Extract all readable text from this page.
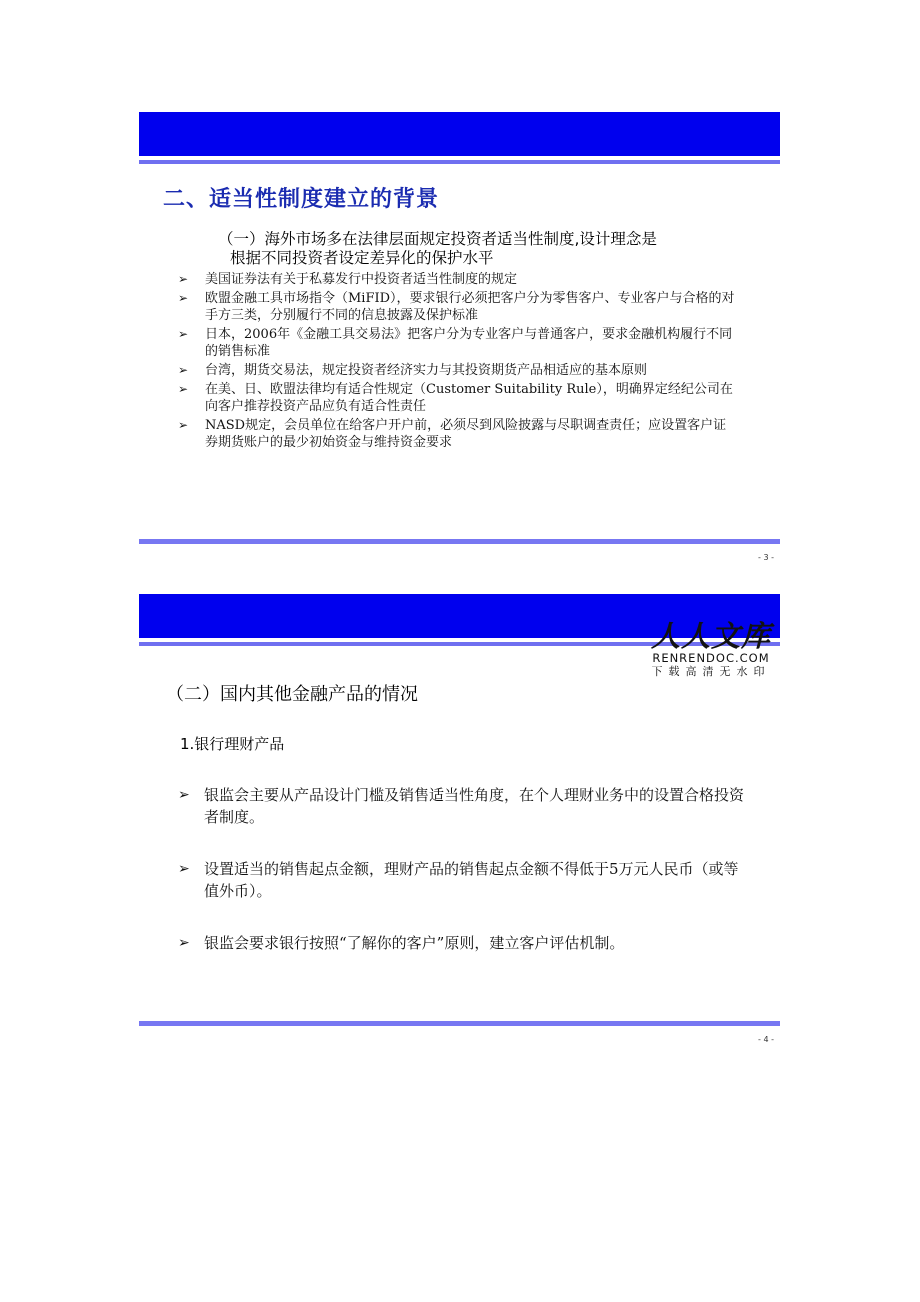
二、适当性制度建立的背景
（一）海外市场多在法律层面规定投资者适当性制度,设计理念是
根据不同投资者设定差异化的保护水平
➢ 美国证券法有关于私募发行中投资者适当性制度的规定
➢ 欧盟金融工具市场指令（MiFID），要求银行必须把客户分为零售客户、专业客户与合格的对手方三类，分别履行不同的信息披露及保护标准
➢ 日本，2006年《金融工具交易法》把客户分为专业客户与普通客户，要求金融机构履行不同的销售标准
➢ 台湾，期货交易法，规定投资者经济实力与其投资期货产品相适应的基本原则
➢ 在美、日、欧盟法律均有适合性规定（Customer Suitability Rule），明确界定经纪公司在向客户推荐投资产品应负有适合性责任
➢ NASD规定，会员单位在给客户开户前，必须尽到风险披露与尽职调查责任；应设置客户证券期货账户的最少初始资金与维持资金要求
- 3 -
人人文库
RENRENDOC.COM
下载高清无水印
（二）国内其他金融产品的情况
1.银行理财产品
➢ 银监会主要从产品设计门槛及销售适当性角度，在个人理财业务中的设置合格投资者制度。
➢ 设置适当的销售起点金额，理财产品的销售起点金额不得低于5万元人民币（或等值外币）。
➢ 银监会要求银行按照“了解你的客户”原则，建立客户评估机制。
- 4 -
